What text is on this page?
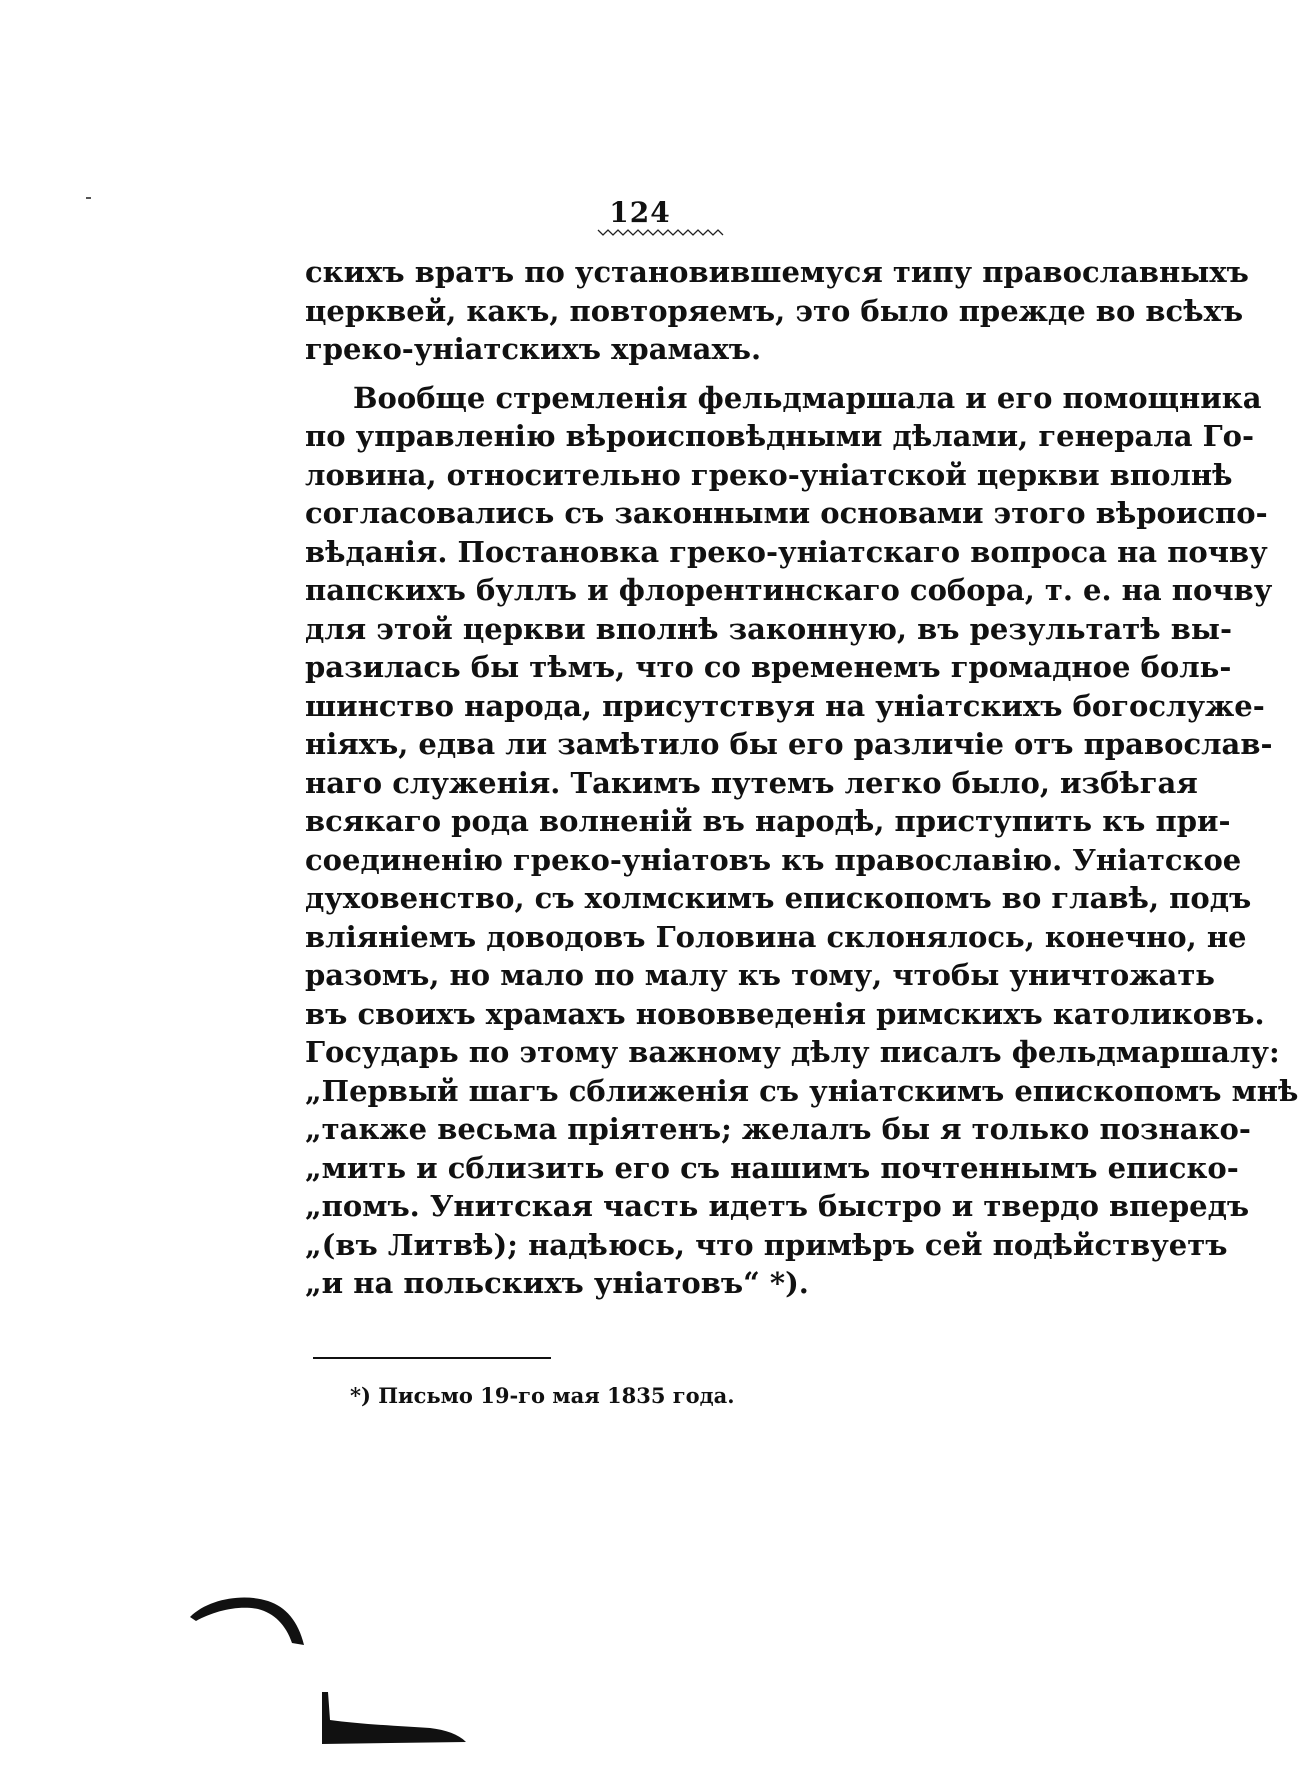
124
скихъ вратъ по установившемуся типу православныхъ
церквей, какъ, повторяемъ, это было прежде во всѣхъ
греко-уніатскихъ храмахъ.
Вообще стремленія фельдмаршала и его помощника
по управленію вѣроисповѣдными дѣлами, генерала Го-
ловина, относительно греко-уніатской церкви вполнѣ
согласовались съ законными основами этого вѣроиспо-
вѣданія. Постановка греко-уніатскаго вопроса на почву
папскихъ буллъ и флорентинскаго собора, т. е. на почву
для этой церкви вполнѣ законную, въ результатѣ вы-
разилась бы тѣмъ, что со временемъ громадное боль-
шинство народа, присутствуя на уніатскихъ богослуже-
ніяхъ, едва ли замѣтило бы его различіе отъ православ-
наго служенія. Такимъ путемъ легко было, избѣгая
всякаго рода волненій въ народѣ, приступить къ при-
соединенію греко-уніатовъ къ православію. Уніатское
духовенство, съ холмскимъ епископомъ во главѣ, подъ
вліяніемъ доводовъ Головина склонялось, конечно, не
разомъ, но мало по малу къ тому, чтобы уничтожать
въ своихъ храмахъ нововведенія римскихъ католиковъ.
Государь по этому важному дѣлу писалъ фельдмаршалу:
„Первый шагъ сближенія съ уніатскимъ епископомъ мнѣ
„также весьма пріятенъ; желалъ бы я только познако-
„мить и сблизить его съ нашимъ почтеннымъ еписко-
„помъ. Унитская часть идетъ быстро и твердо впередъ
„(въ Литвѣ); надѣюсь, что примѣръ сей подѣйствуетъ
„и на польскихъ уніатовъ“ *).
*) Письмо 19-го мая 1835 года.
